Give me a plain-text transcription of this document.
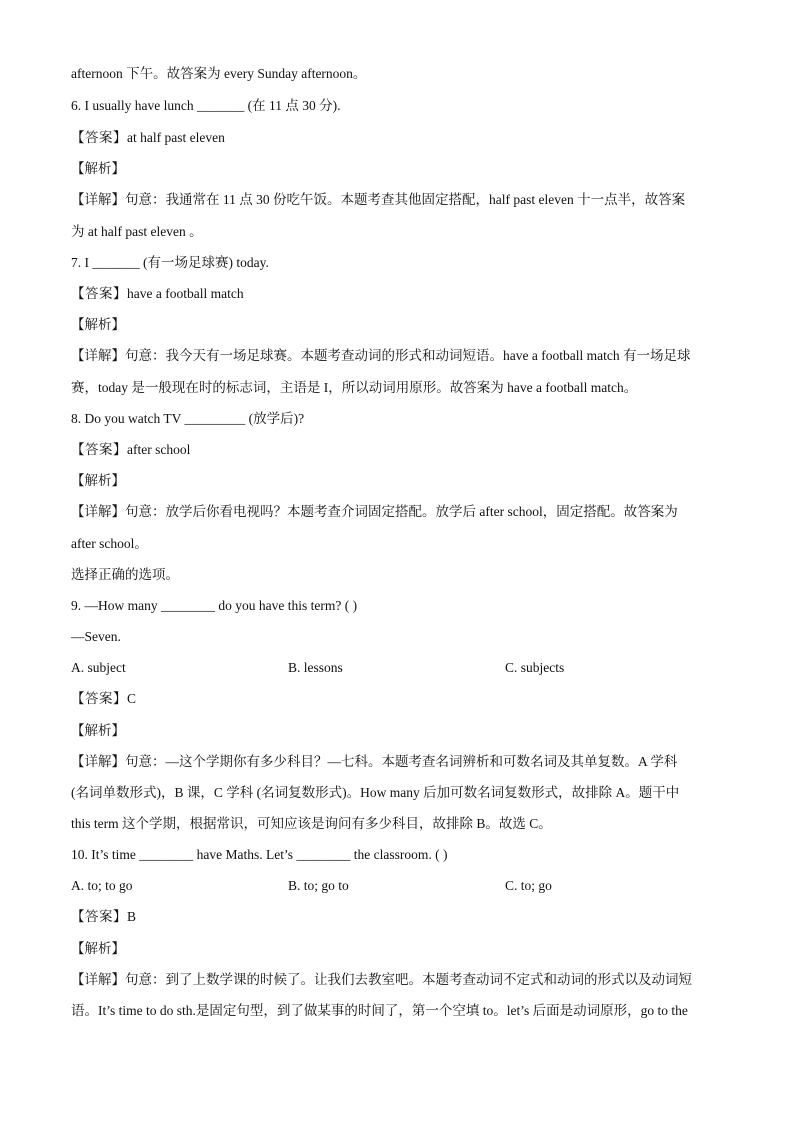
afternoon 下午。故答案为 every Sunday afternoon。
6. I usually have lunch _______ (在 11 点 30 分).
【答案】at half past eleven
【解析】
【详解】句意：我通常在 11 点 30 份吃午饭。本题考查其他固定搭配，half past eleven 十一点半，故答案
为 at half past eleven 。
7. I _______ (有一场足球赛) today.
【答案】have a football match
【解析】
【详解】句意：我今天有一场足球赛。本题考查动词的形式和动词短语。have a football match 有一场足球
赛，today 是一般现在时的标志词，主语是 I，所以动词用原形。故答案为 have a football match。
8. Do you watch TV _________ (放学后)?
【答案】after school
【解析】
【详解】句意：放学后你看电视吗？本题考查介词固定搭配。放学后 after school，固定搭配。故答案为
after school。
选择正确的选项。
9. —How many ________ do you have this term? ( )
—Seven.
A. subject	B. lessons	C. subjects
【答案】C
【解析】
【详解】句意：—这个学期你有多少科目？—七科。本题考查名词辨析和可数名词及其单复数。A 学科
(名词单数形式)，B 课，C 学科 (名词复数形式)。How many 后加可数名词复数形式，故排除 A。题干中
this term 这个学期，根据常识，可知应该是询问有多少科目，故排除 B。故选 C。
10. It’s time ________ have Maths. Let’s ________ the classroom. ( )
A. to; to go	B. to; go to	C. to; go
【答案】B
【解析】
【详解】句意：到了上数学课的时候了。让我们去教室吧。本题考查动词不定式和动词的形式以及动词短
语。It’s time to do sth.是固定句型，到了做某事的时间了，第一个空填 to。let’s 后面是动词原形，go to the
